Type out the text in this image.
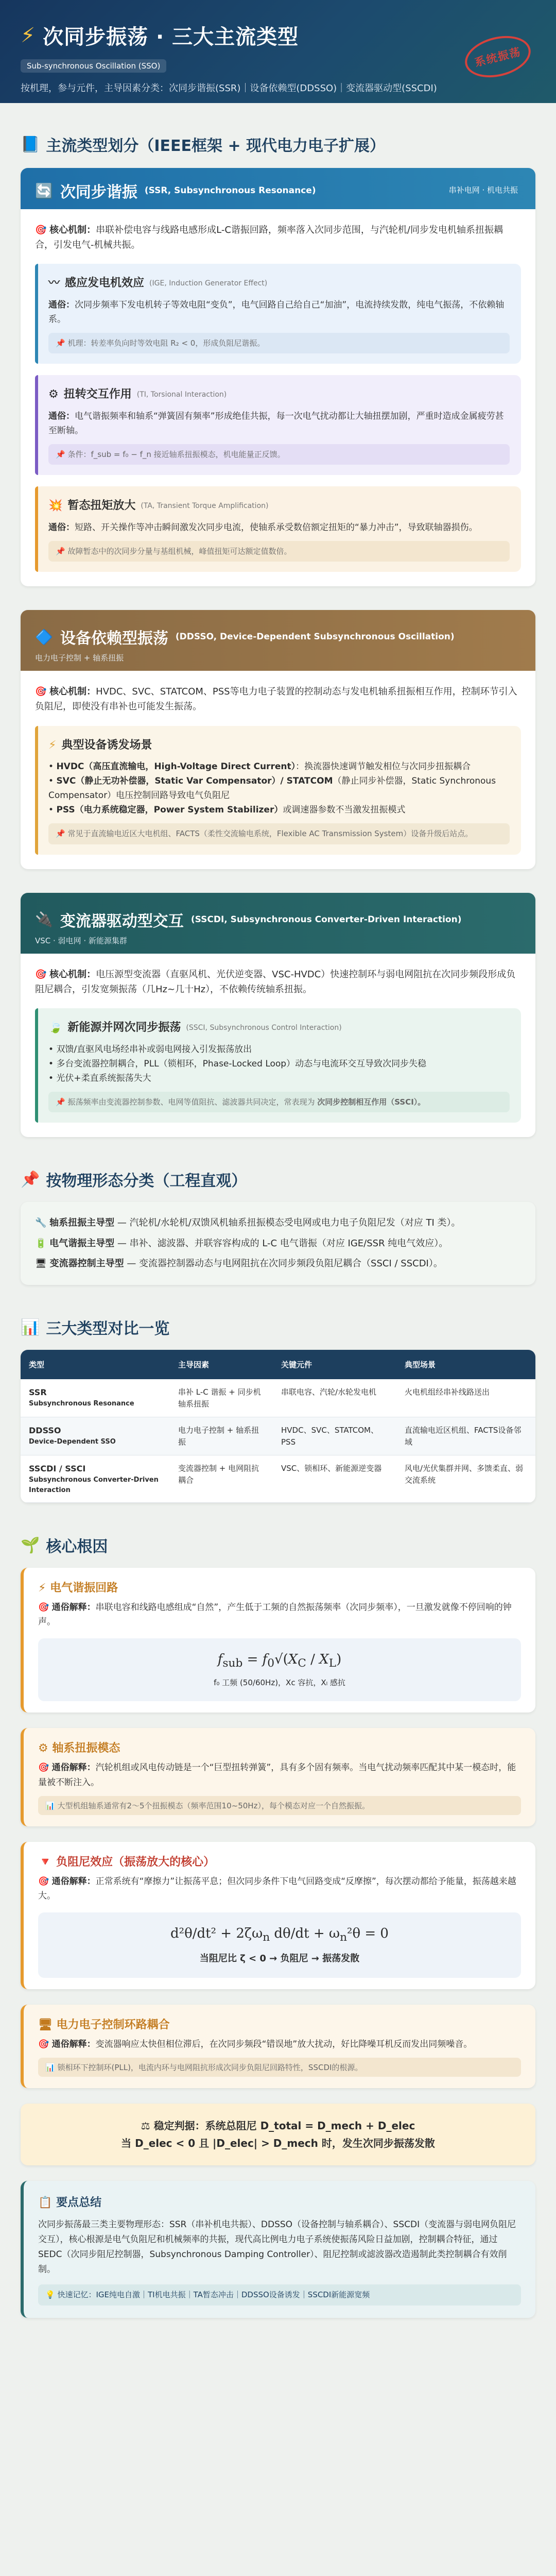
⚡ 次同步振荡 · 三大主流类型
Sub-synchronous Oscillation (SSO)
按机理，参与元件，主导因素分类：次同步谐振(SSR)｜设备依赖型(DDSSO)｜变流器驱动型(SSCDI)
系统振荡
📘 主流类型划分（IEEE框架 + 现代电力电子扩展）
🔄 次同步谐振 (SSR, Subsynchronous Resonance)	串补电网 · 机电共振
🎯 核心机制：串联补偿电容与线路电感形成L-C谐振回路，频率落入次同步范围，与汽轮机/同步发电机轴系扭振耦合，引发电气-机械共振。
〰 感应发电机效应 (IGE, Induction Generator Effect)

通俗：次同步频率下发电机转子等效电阻“变负”，电气回路自己给自己“加油”，电流持续发散，纯电气振荡，不依赖轴系。

📌 机理：转差率负向时等效电阻 R₂ < 0，形成负阻尼谐振。
⚙ 扭转交互作用 (TI, Torsional Interaction)

通俗：电气谐振频率和轴系“弹簧固有频率”形成绝佳共振，每一次电气扰动都让大轴扭摆加剧，严重时造成金属疲劳甚至断轴。

📌 条件：f_sub = f₀ − f_n 接近轴系扭振模态，机电能量正反馈。
💥 暂态扭矩放大 (TA, Transient Torque Amplification)

通俗：短路、开关操作等冲击瞬间激发次同步电流，使轴系承受数倍额定扭矩的“暴力冲击”，导致联轴器损伤。

📌 故障暂态中的次同步分量与基组机械，峰值扭矩可达额定值数倍。
🔷 设备依赖型振荡 (DDSSO, Device-Dependent Subsynchronous Oscillation)
电力电子控制 + 轴系扭振
🎯 核心机制：HVDC、SVC、STATCOM、PSS等电力电子装置的控制动态与发电机轴系扭振相互作用，控制环节引入负阻尼，即使没有串补也可能发生振荡。
⚡ 典型设备诱发场景
• HVDC（高压直流输电，High-Voltage Direct Current）：换流器快速调节触发相位与次同步扭振耦合
• SVC（静止无功补偿器，Static Var Compensator）/ STATCOM（静止同步补偿器，Static Synchronous Compensator）电压控制回路导致电气负阻尼
• PSS（电力系统稳定器，Power System Stabilizer）或调速器参数不当激发扭振模式
📌 常见于直流输电近区大电机组、FACTS（柔性交流输电系统，Flexible AC Transmission System）设备升级后站点。
🔌 变流器驱动型交互 (SSCDI, Subsynchronous Converter-Driven Interaction)
VSC · 弱电网 · 新能源集群
🎯 核心机制：电压源型变流器（直驱风机、光伏逆变器、VSC-HVDC）快速控制环与弱电网阻抗在次同步频段形成负阻尼耦合，引发宽频振荡（几Hz~几十Hz），不依赖传统轴系扭振。
🍃 新能源并网次同步振荡 (SSCI, Subsynchronous Control Interaction)
• 双馈/直驱风电场经串补或弱电网接入引发振荡放出
• 多台变流器控制耦合，PLL（锁相环，Phase-Locked Loop）动态与电流环交互导致次同步失稳
• 光伏+柔直系统振荡失大
📌 振荡频率由变流器控制参数、电网等值阻抗、滤波器共同决定，常表现为 次同步控制相互作用（SSCI）。
📌 按物理形态分类（工程直观）
🔧 轴系扭振主导型 — 汽轮机/水轮机/双馈风机轴系扭振模态受电网或电力电子负阻尼发（对应 TI 类）。
🔋 电气谐振主导型 — 串补、滤波器、并联容容构成的 L-C 电气谐振（对应 IGE/SSR 纯电气效应）。
🖥 变流器控制主导型 — 变流器控制器动态与电网阻抗在次同步频段负阻尼耦合（SSCI / SSCDI）。
📊 三大类型对比一览
类型	主导因素	关键元件	典型场景
SSR
Subsynchronous Resonance	串补 L-C 谐振 + 同步机轴系扭振	串联电容、汽轮/水轮发电机	火电机组经串补线路送出
DDSSO
Device-Dependent SSO	电力电子控制 + 轴系扭振	HVDC、SVC、STATCOM、PSS	直流输电近区机组、FACTS设备邻域
SSCDI / SSCI
Subsynchronous Converter-Driven Interaction	变流器控制 + 电网阻抗耦合	VSC、锁相环、新能源逆变器	风电/光伏集群并网、多馈柔直、弱交流系统
🌱 核心根因
⚡ 电气谐振回路

🎯 通俗解释：串联电容和线路电感组成“自然”，产生低于工频的自然振荡频率（次同步频率），一旦激发就像不停回响的钟声。

$f_{sub} = f_0√(X_C / X_L)$
f₀ 工频 (50/60Hz)，Xc 容抗，Xₗ 感抗
⚙ 轴系扭振模态

🎯 通俗解释：汽轮机组或风电传动链是一个“巨型扭转弹簧”，具有多个固有频率。当电气扰动频率匹配其中某一模态时，能量被不断注入。

📊 大型机组轴系通常有2～5个扭振模态（频率范围10~50Hz），每个模态对应一个自然振振。
🔻 负阻尼效应（振荡放大的核心）

🎯 通俗解释：正常系统有“摩擦力”让振荡平息；但次同步条件下电气回路变成“反摩擦”，每次摆动都给予能量，振荡越来越大。

$d^2\theta/dt^2 + 2\zeta\omega_n$ $d\theta/dt + \omega_n^2\theta = 0$
当阻尼比 ζ < 0 → 负阻尼 → 振荡发散
🖥 电力电子控制环路耦合

🎯 通俗解释：变流器响应太快但相位滞后，在次同步频段“错误地”放大扰动，好比降噪耳机反而发出同频噪音。

📊 锁相环下控制环(PLL)，电流内环与电网阻抗形成次同步负阻尼回路特性，SSCDI的根源。
⚖ 稳定判据：系统总阻尼 D_total = D_mech + D_elec
当 D_elec < 0 且 |D_elec| > D_mech 时，发生次同步振荡发散
📋 要点总结

次同步振荡最三类主要物理形态：SSR（串补机电共振）、DDSSO（设备控制与轴系耦合）、SSCDI（变流器与弱电网负阻尼交互），核心根源是电气负阻尼和机械频率的共振，现代高比例电力电子系统使振荡风险日益加剧，控制耦合特征，通过SEDC（次同步阻尼控制器，Subsynchronous Damping Controller）、阻尼控制或滤波器改造遏制此类控制耦合有效削制。

💡 快速记忆：IGE纯电自激｜TI机电共振｜TA暂态冲击｜DDSSO设备诱发｜SSCDI新能源宽频
